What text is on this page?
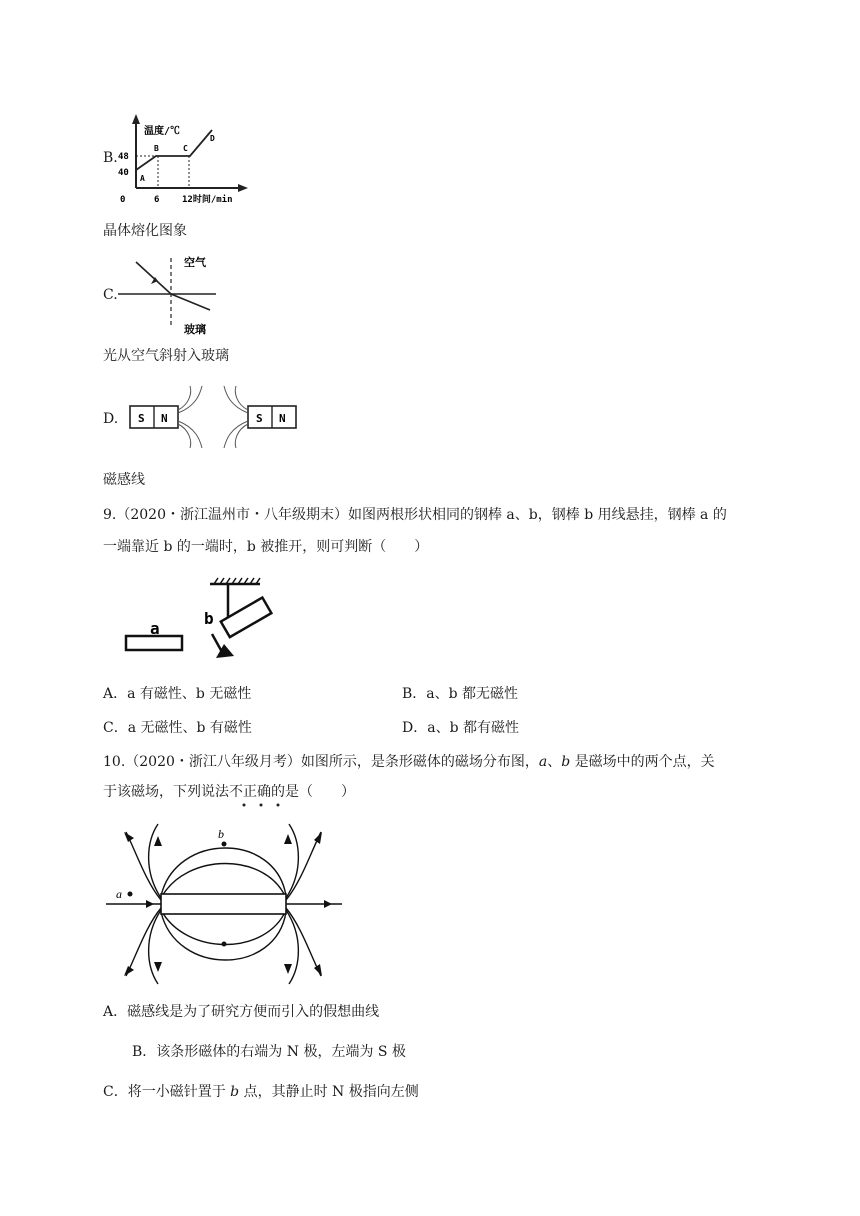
B.
温度/℃
48
40
0	6	12时间/min
A
B	C
D
晶体熔化图象
C.
空气
玻璃
光从空气斜射入玻璃
D. S N	S N
磁感线
9.（2020・浙江温州市・八年级期末）如图两根形状相同的钢棒 a、b，钢棒 b 用线悬挂，钢棒 a 的
一端靠近 b 的一端时，b 被推开，则可判断（　　）
a
b
A．a 有磁性、b 无磁性	B．a、b 都无磁性
C．a 无磁性、b 有磁性	D．a、b 都有磁性
10.（2020・浙江八年级月考）如图所示，是条形磁体的磁场分布图，a、b 是磁场中的两个点，关
于该磁场，下列说法不正确的是（　　）
b
a
A．磁感线是为了研究方便而引入的假想曲线
B．该条形磁体的右端为 N 极，左端为 S 极
C．将一小磁针置于 b 点，其静止时 N 极指向左侧
